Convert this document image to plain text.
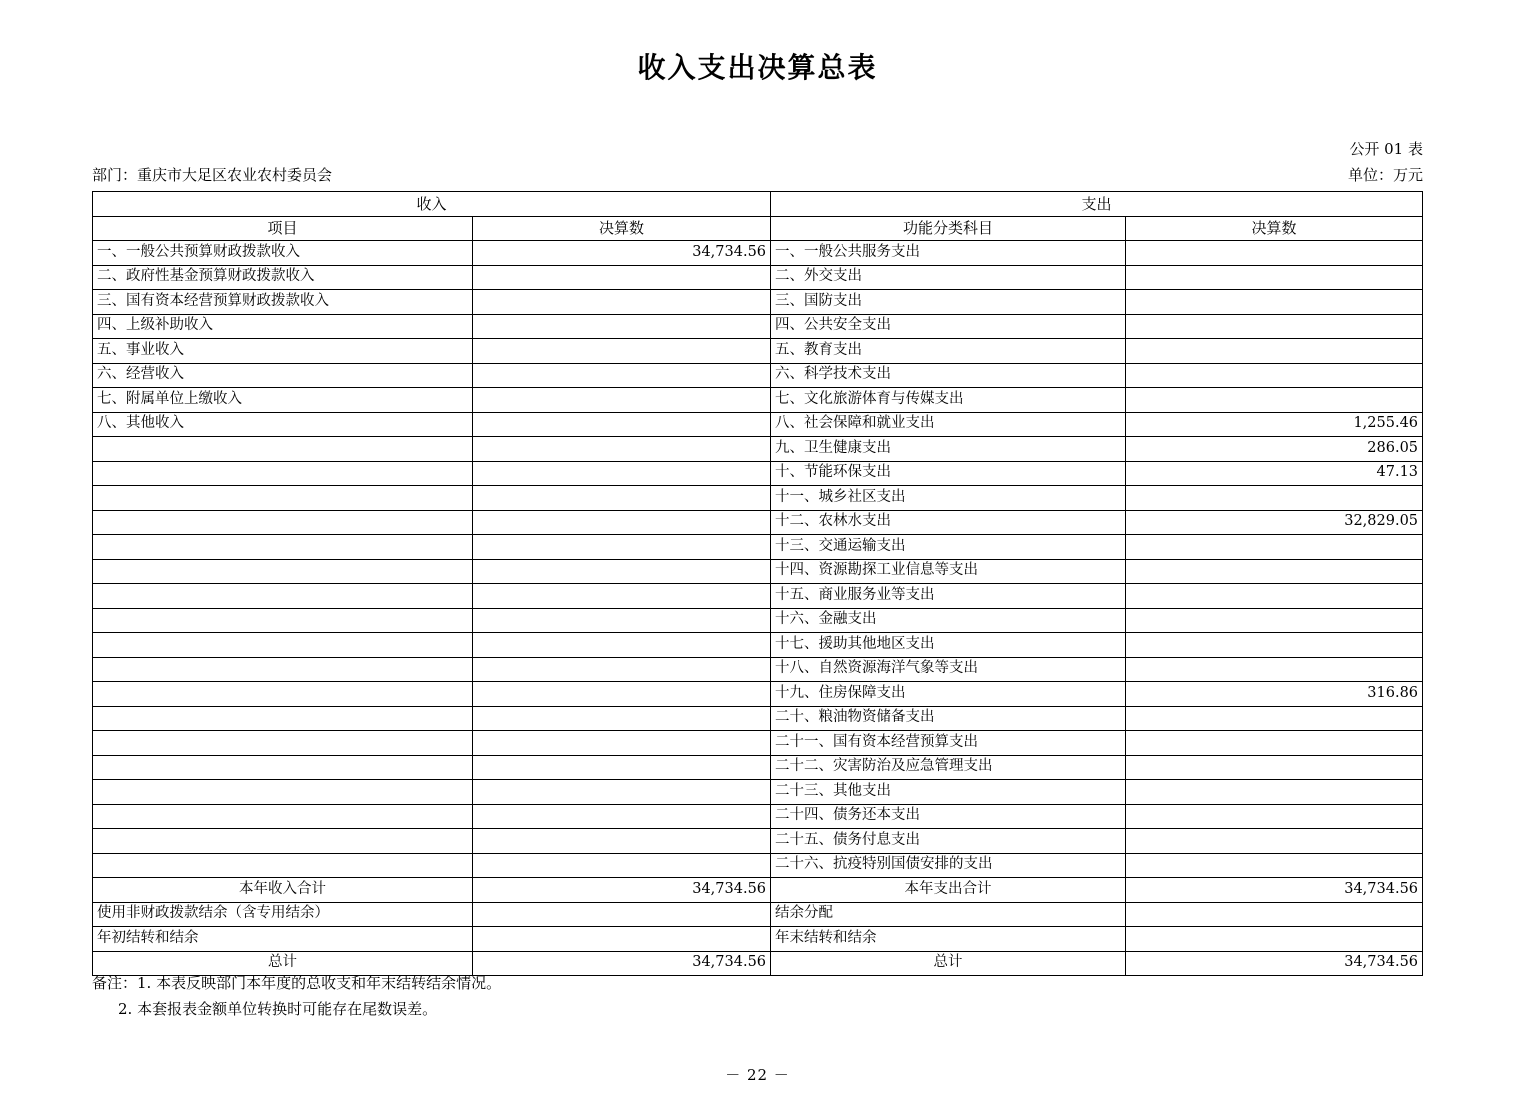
收入支出决算总表
公开 01 表
单位：万元
部门：重庆市大足区农业农村委员会
收入		支出	
项目	决算数	功能分类科目	决算数
一、一般公共预算财政拨款收入	34,734.56	一、一般公共服务支出	
二、政府性基金预算财政拨款收入		二、外交支出	
三、国有资本经营预算财政拨款收入		三、国防支出	
四、上级补助收入		四、公共安全支出	
五、事业收入		五、教育支出	
六、经营收入		六、科学技术支出	
七、附属单位上缴收入		七、文化旅游体育与传媒支出	
八、其他收入		八、社会保障和就业支出	1,255.46
		九、卫生健康支出	286.05
		十、节能环保支出	47.13
		十一、城乡社区支出	
		十二、农林水支出	32,829.05
		十三、交通运输支出	
		十四、资源勘探工业信息等支出	
		十五、商业服务业等支出	
		十六、金融支出	
		十七、援助其他地区支出	
		十八、自然资源海洋气象等支出	
		十九、住房保障支出	316.86
		二十、粮油物资储备支出	
		二十一、国有资本经营预算支出	
		二十二、灾害防治及应急管理支出	
		二十三、其他支出	
		二十四、债务还本支出	
		二十五、债务付息支出	
		二十六、抗疫特别国债安排的支出	
本年收入合计	34,734.56	本年支出合计	34,734.56
使用非财政拨款结余（含专用结余）		结余分配	
年初结转和结余		年末结转和结余	
总计	34,734.56	总计	34,734.56
备注：1. 本表反映部门本年度的总收支和年末结转结余情况。
2. 本套报表金额单位转换时可能存在尾数误差。
－ 22 －
